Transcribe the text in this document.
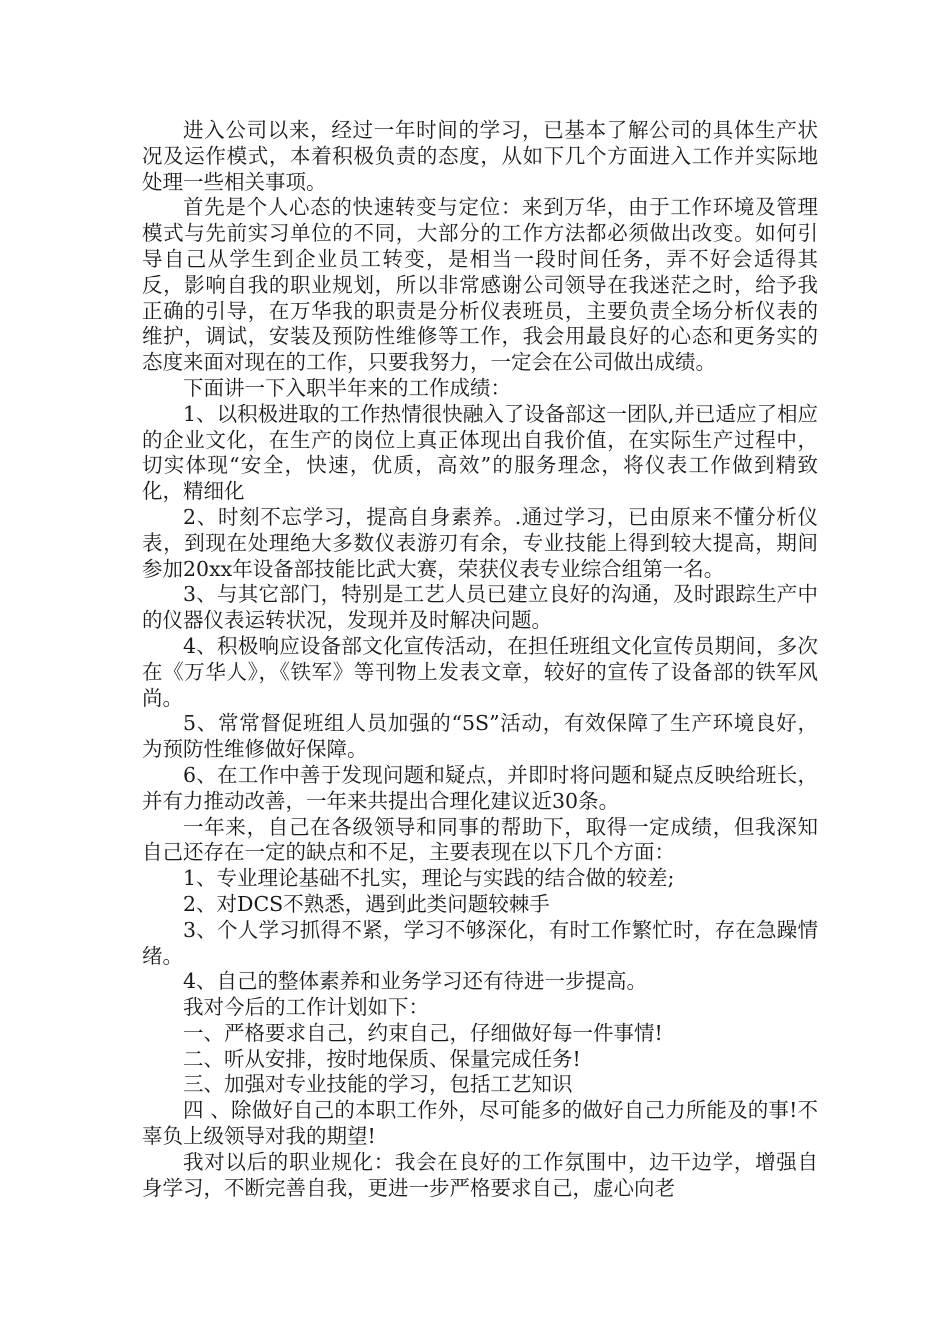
进入公司以来，经过一年时间的学习，已基本了解公司的具体生产状况及运作模式，本着积极负责的态度，从如下几个方面进入工作并实际地处理一些相关事项。

首先是个人心态的快速转变与定位：来到万华，由于工作环境及管理模式与先前实习单位的不同，大部分的工作方法都必须做出改变。如何引导自己从学生到企业员工转变，是相当一段时间任务，弄不好会适得其反，影响自我的职业规划，所以非常感谢公司领导在我迷茫之时，给予我正确的引导，在万华我的职责是分析仪表班员，主要负责全场分析仪表的维护，调试，安装及预防性维修等工作，我会用最良好的心态和更务实的态度来面对现在的工作，只要我努力，一定会在公司做出成绩。

下面讲一下入职半年来的工作成绩：

1、以积极进取的工作热情很快融入了设备部这一团队,并已适应了相应的企业文化，在生产的岗位上真正体现出自我价值，在实际生产过程中，切实体现“安全，快速，优质，高效”的服务理念，将仪表工作做到精致化，精细化

2、时刻不忘学习，提高自身素养。.通过学习，已由原来不懂分析仪表，到现在处理绝大多数仪表游刃有余，专业技能上得到较大提高，期间参加20xx年设备部技能比武大赛，荣获仪表专业综合组第一名。

3、与其它部门，特别是工艺人员已建立良好的沟通，及时跟踪生产中的仪器仪表运转状况，发现并及时解决问题。

4、积极响应设备部文化宣传活动，在担任班组文化宣传员期间，多次在《万华人》，《铁军》等刊物上发表文章，较好的宣传了设备部的铁军风尚。

5、常常督促班组人员加强的“5S”活动，有效保障了生产环境良好，为预防性维修做好保障。

6、在工作中善于发现问题和疑点，并即时将问题和疑点反映给班长，并有力推动改善，一年来共提出合理化建议近30条。

一年来，自己在各级领导和同事的帮助下，取得一定成绩，但我深知自己还存在一定的缺点和不足，主要表现在以下几个方面：

1、专业理论基础不扎实，理论与实践的结合做的较差;

2、对DCS不熟悉，遇到此类问题较棘手

3、个人学习抓得不紧，学习不够深化，有时工作繁忙时，存在急躁情绪。

4、自己的整体素养和业务学习还有待进一步提高。

我对今后的工作计划如下：

一、严格要求自己，约束自己，仔细做好每一件事情!

二、听从安排，按时地保质、保量完成任务!

三、加强对专业技能的学习，包括工艺知识

四 、除做好自己的本职工作外，尽可能多的做好自己力所能及的事!不辜负上级领导对我的期望!

我对以后的职业规化：我会在良好的工作氛围中，边干边学，增强自身学习，不断完善自我，更进一步严格要求自己，虚心向老
